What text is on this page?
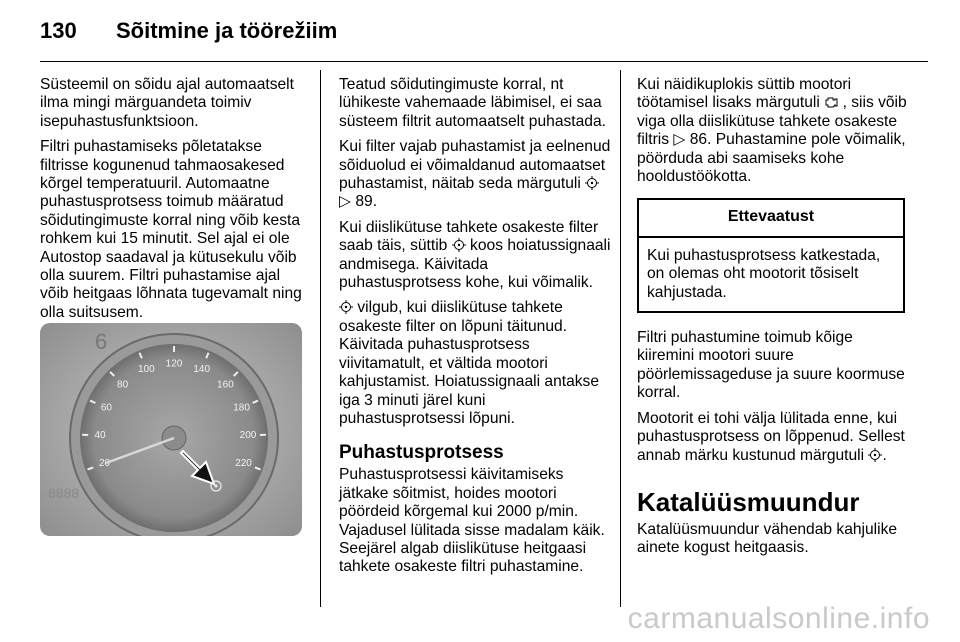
130 Sõitmine ja töörežiim

Süsteemil on sõidu ajal automaatselt ilma mingi märguandeta toimiv isepuhastusfunktsioon.

Filtri puhastamiseks põletatakse filtrisse kogunenud tahmaosakesed kõrgel temperatuuril. Automaatne puhastusprotsess toimub määratud sõidutingimuste korral ning võib kesta rohkem kui 15 minutit. Sel ajal ei ole Autostop saadaval ja kütusekulu võib olla suurem. Filtri puhastamise ajal võib heitgaas lõhnata tugevamalt ning olla suitsusem.

20
40
60
80
100 120 140
160
180
200
220
6
8888

Teatud sõidutingimuste korral, nt lühikeste vahemaade läbimisel, ei saa süsteem filtrit automaatselt puhastada.

Kui filter vajab puhastamist ja eelnenud sõiduolud ei võimaldanud automaatset puhastamist, näitab seda märgutuli  ▷ 89.

Kui diislikütuse tahkete osakeste filter saab täis, süttib koos hoiatussignaali andmisega. Käivitada puhastusprotsess kohe, kui võimalik.

vilgub, kui diislikütuse tahkete osakeste filter on lõpuni täitunud. Käivitada puhastusprotsess viivitamatult, et vältida mootori kahjustamist. Hoiatussignaali antakse iga 3 minuti järel kuni puhastusprotsessi lõpuni.

Puhastusprotsess

Puhastusprotsessi käivitamiseks jätkake sõitmist, hoides mootori pöördeid kõrgemal kui 2000 p/min. Vajadusel lülitada sisse madalam käik. Seejärel algab diislikütuse heitgaasi tahkete osakeste filtri puhastamine.

Kui näidikuplokis süttib mootori töötamisel lisaks märgutuli , siis võib viga olla diislikütuse tahkete osakeste filtris ▷ 86. Puhastamine pole võimalik, pöörduda abi saamiseks kohe hooldustöökotta.

Ettevaatust
Kui puhastusprotsess katkestada, on olemas oht mootorit tõsiselt kahjustada.

Filtri puhastumine toimub kõige kiiremini mootori suure pöörlemissageduse ja suure koormuse korral.

Mootorit ei tohi välja lülitada enne, kui puhastusprotsess on lõppenud. Sellest annab märku kustunud märgutuli .

Katalüüsmuundur

Katalüüsmuundur vähendab kahjulike ainete kogust heitgaasis.

carmanualsonline.info
